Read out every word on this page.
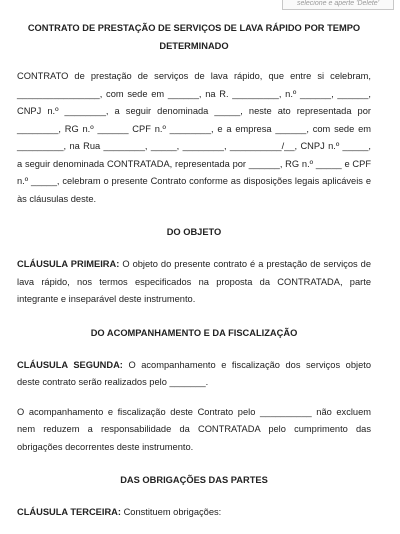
selecione e aperte 'Delete'
CONTRATO DE PRESTAÇÃO DE SERVIÇOS DE LAVA RÁPIDO POR TEMPO DETERMINADO

CONTRATO de prestação de serviços de lava rápido, que entre si celebram, ________________, com sede em ______, na R. _________, n.º ______, ______, CNPJ n.º ________, a seguir denominada _____, neste ato representada por ________, RG n.º ______ CPF n.º ________, e a empresa ______, com sede em _________, na Rua ________, _____, ________, __________/__, CNPJ n.º _____, a seguir denominada CONTRATADA, representada por ______, RG n.º _____ e CPF n.º _____, celebram o presente Contrato conforme as disposições legais aplicáveis e às cláusulas deste.

DO OBJETO

CLÁUSULA PRIMEIRA: O objeto do presente contrato é a prestação de serviços de lava rápido, nos termos especificados na proposta da CONTRATADA, parte integrante e inseparável deste instrumento.

DO ACOMPANHAMENTO E DA FISCALIZAÇÃO

CLÁUSULA SEGUNDA: O acompanhamento e fiscalização dos serviços objeto deste contrato serão realizados pelo _______.

O acompanhamento e fiscalização deste Contrato pelo __________ não excluem nem reduzem a responsabilidade da CONTRATADA pelo cumprimento das obrigações decorrentes deste instrumento.

DAS OBRIGAÇÕES DAS PARTES

CLÁUSULA TERCEIRA: Constituem obrigações:
